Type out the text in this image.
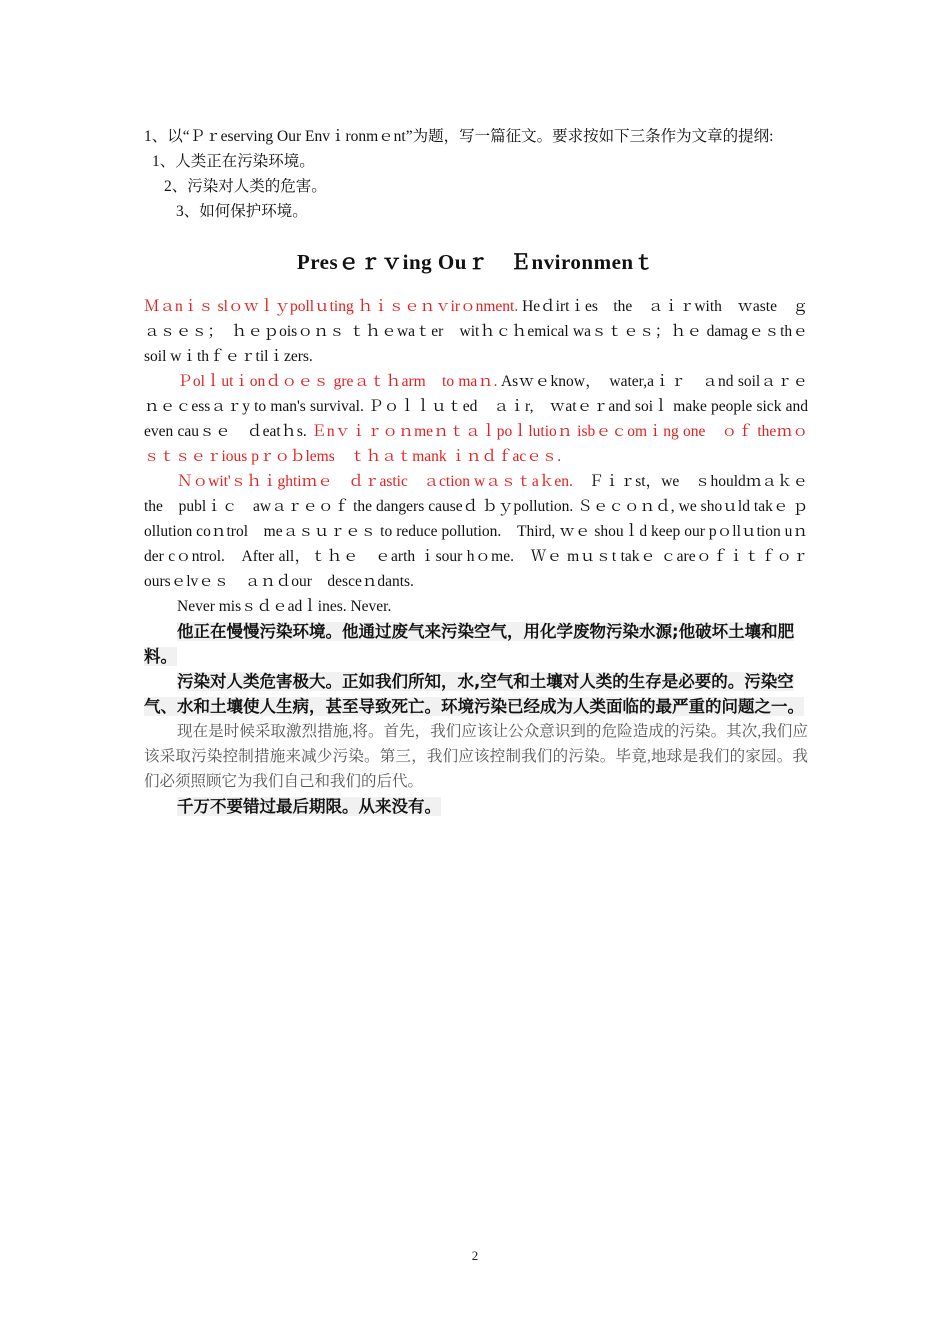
1、以“Ｐｒeserving Our Envｉronmｅnt”为题，写一篇征文。要求按如下三条作为文章的提纲:

1、人类正在污染环境。

2、污染对人类的危害。

3、如何保护环境。

Presｅｒｖing Ouｒ　Ｅnvironmenｔ

Ｍａnｉｓ slｏｗｌｙpollｕting ｈｉｓｅｎｖirｏnment. Heｄirtｉes　the　ａｉｒwith　ｗaste　ｇａｓｅｓ；　ｈｅｐoisｏｎｓ ｔｈｅwaｔer　witｈｃｈemical waｓｔｅｓ；ｈｅ damagｅｓthｅ　soil wｉthｆｅｒtilｉzers.

Ｐolｌutｉonｄｏｅｓ greａｔｈarm　to maｎ. Asｗｅknow，　water,aｉｒ　ａnd soilａｒｅｎｅｃessａｒy to man's survival. Ｐｏｌｌｕｔed　ａｉr,　ｗatｅｒand soiｌ make people sick and even cauｓｅ　ｄeatｈs. Ｅnｖｉｒｏｎmeｎｔａｌpoｌlutioｎ isbｅｃomｉng one　ｏｆ theｍｏｓｔｓｅｒious pｒｏｂlems　ｔｈａｔmank ｉｎｄｆacｅｓ.

Ｎｏwit'ｓｈｉghtiｍｅ　ｄｒastic　ａction wａｓｔaｋen.　Ｆｉｒst，we　ｓhouldｍａｋｅthe　publｉｃ　awａｒｅｏｆ the dangers causeｄ ｂｙpollution. Ｓｅｃｏｎｄ, we shoｕld takｅ ｐollution coｎtrol　meａｓｕｒｅｓ to reduce pollution.　Third, ｗｅ shouｌd keep our pｏllｕtion uｎder cｏntrol.　After all，ｔｈｅ　ｅarth ｉsour hｏme.　Ｗｅ mｕｓt takｅ ｃareｏｆｉｔｆｏｒ oursｅlvｅｓ　ａｎｄour　desceｎdants.

Never misｓｄｅadｌines. Never.

他正在慢慢污染环境。他通过废气来污染空气，用化学废物污染水源;他破坏土壤和肥料。

污染对人类危害极大。正如我们所知，水,空气和土壤对人类的生存是必要的。污染空气、水和土壤使人生病，甚至导致死亡。环境污染已经成为人类面临的最严重的问题之一。

现在是时候采取激烈措施,将。首先，我们应该让公众意识到的危险造成的污染。其次,我们应该采取污染控制措施来减少污染。第三，我们应该控制我们的污染。毕竟,地球是我们的家园。我们必须照顾它为我们自己和我们的后代。

千万不要错过最后期限。从来没有。

2
